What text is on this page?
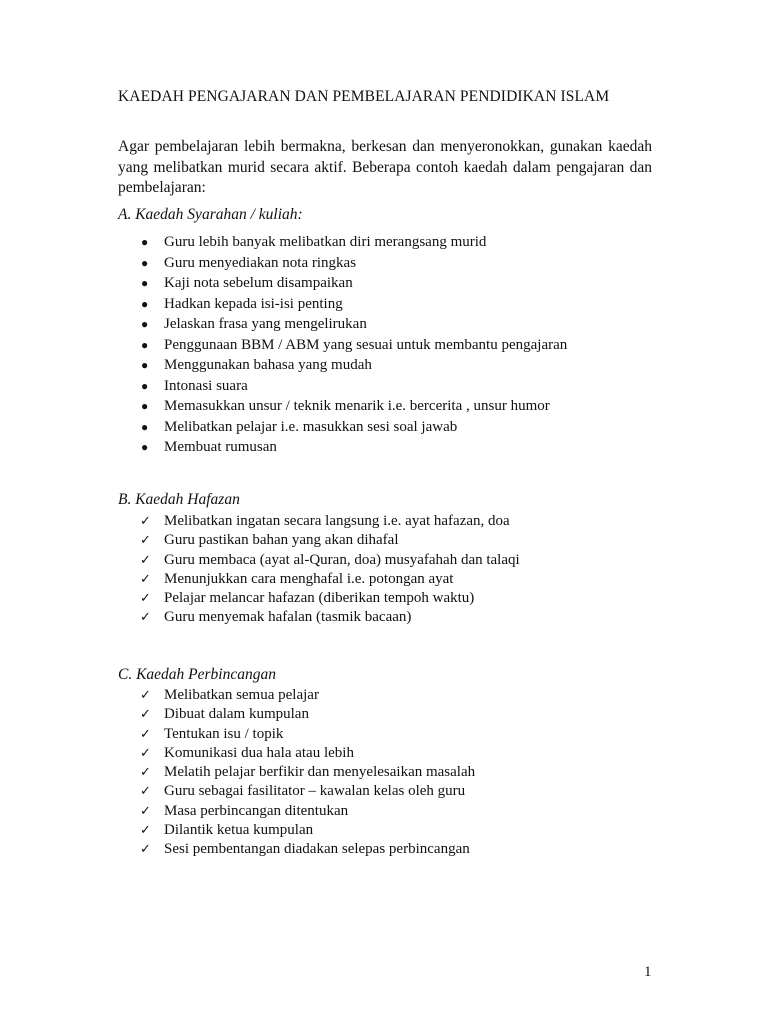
KAEDAH PENGAJARAN DAN PEMBELAJARAN PENDIDIKAN ISLAM
Agar pembelajaran lebih bermakna, berkesan dan menyeronokkan, gunakan kaedah yang melibatkan murid secara aktif. Beberapa contoh kaedah dalam pengajaran dan pembelajaran:
A. Kaedah Syarahan / kuliah:
● Guru lebih banyak melibatkan diri merangsang murid
● Guru menyediakan nota ringkas
● Kaji nota sebelum disampaikan
● Hadkan kepada isi-isi penting
● Jelaskan frasa yang mengelirukan
● Penggunaan BBM / ABM yang sesuai untuk membantu pengajaran
● Menggunakan bahasa yang mudah
● Intonasi suara
● Memasukkan unsur / teknik menarik i.e. bercerita , unsur humor
● Melibatkan pelajar i.e. masukkan sesi soal jawab
● Membuat rumusan
B. Kaedah Hafazan
✓ Melibatkan ingatan secara langsung i.e. ayat hafazan, doa
✓ Guru pastikan bahan yang akan dihafal
✓ Guru membaca (ayat al-Quran, doa) musyafahah dan talaqi
✓ Menunjukkan cara menghafal i.e. potongan ayat
✓ Pelajar melancar hafazan (diberikan tempoh waktu)
✓ Guru menyemak hafalan (tasmik bacaan)
C. Kaedah Perbincangan
✓ Melibatkan semua pelajar
✓ Dibuat dalam kumpulan
✓ Tentukan isu / topik
✓ Komunikasi dua hala atau lebih
✓ Melatih pelajar berfikir dan menyelesaikan masalah
✓ Guru sebagai fasilitator – kawalan kelas oleh guru
✓ Masa perbincangan ditentukan
✓ Dilantik ketua kumpulan
✓ Sesi pembentangan diadakan selepas perbincangan
1
